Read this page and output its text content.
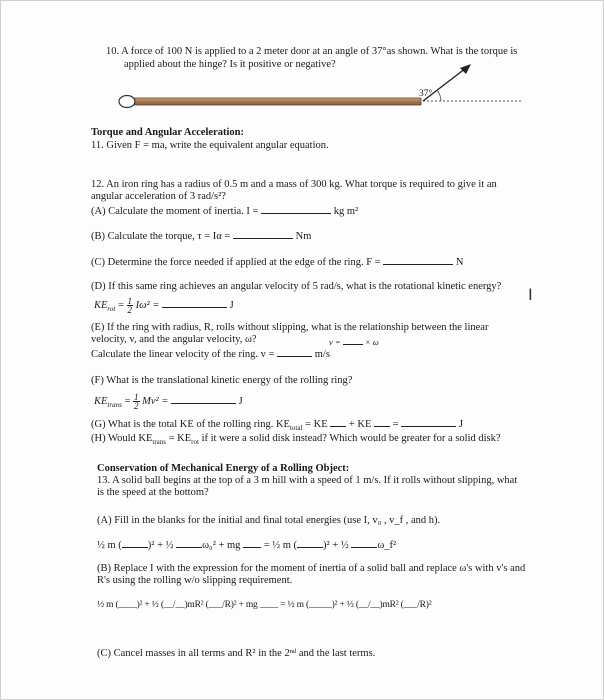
10. A force of 100 N is applied to a 2 meter door at an angle of 37°as shown. What is the torque is
applied about the hinge? Is it positive or negative?
37°
Torque and Angular Acceleration:
11. Given F = ma, write the equivalent angular equation.
12. An iron ring has a radius of 0.5 m and a mass of 300 kg. What torque is required to give it an
angular acceleration of 3 rad/s²?
(A) Calculate the moment of inertia. I =	kg m²
(B) Calculate the torque, τ = Iα =	Nm
(C) Determine the force needed if applied at the edge of the ring. F =	N
(D) If this same ring achieves an angular velocity of 5 rad/s, what is the rotational kinetic energy?
$KE_{rot} = \frac{1}{2} I\omega^2$ =	J
(E) If the ring with radius, R, rolls without slipping, what is the relationship between the linear
velocity, v, and the angular velocity, ω?	v =	× ω
Calculate the linear velocity of the ring. v =	m/s
(F) What is the translational kinetic energy of the rolling ring?
$KE_{trans} = \frac{1}{2} Mv^2$ =	J
(G) What is the total KE of the rolling ring. $KE_{total}$ = KE + KE =	J
(H) Would $KE_{trans} = KE_{rot}$ if it were a solid disk instead? Which would be greater for a solid disk?
Conservation of Mechanical Energy of a Rolling Object:
13. A solid ball begins at the top of a 3 m hill with a speed of 1 m/s. If it rolls without slipping, what
is the speed at the bottom?
(A) Fill in the blanks for the initial and final total energies (use I, v₀ , v_f , and h).
½ m ( )² + ½	ω₀² + mg = ½ m ( )² + ½	ω_f²
(B) Replace I with the expression for the moment of inertia of a solid ball and replace ω's with v's and
R's using the rolling w/o slipping requirement.
½ m (____)² + ½ (__/__)mR² (___/R)² + mg ____ = ½ m (_____)² + ½ (__/__)mR² (___/R)²
(C) Cancel masses in all terms and R² in the 2ⁿᵈ and the last terms.
I
